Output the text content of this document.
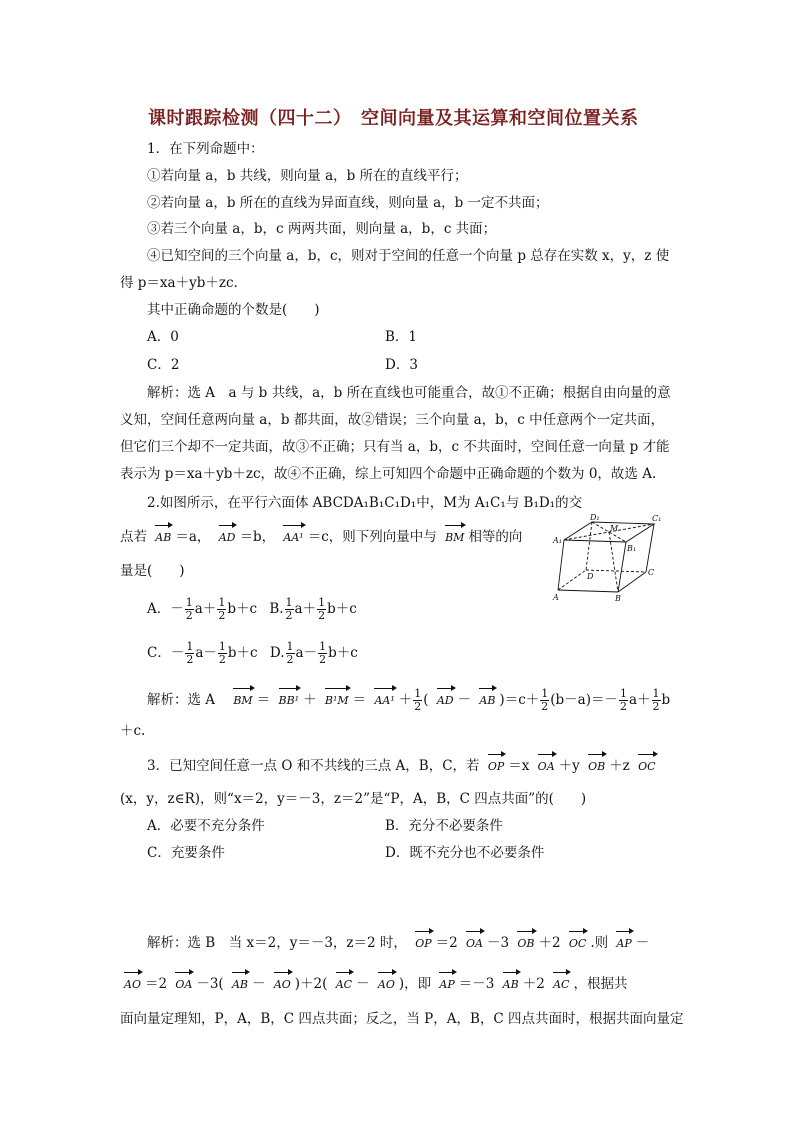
课时跟踪检测（四十二）　空间向量及其运算和空间位置关系
1．在下列命题中：
①若向量 a，b 共线，则向量 a，b 所在的直线平行；
②若向量 a，b 所在的直线为异面直线，则向量 a，b 一定不共面；
③若三个向量 a，b，c 两两共面，则向量 a，b，c 共面；
④已知空间的三个向量 a，b，c，则对于空间的任意一个向量 p 总存在实数 x，y，z 使
得 p＝xa＋yb＋zc.
其中正确命题的个数是(　　)
A．0	B．1
C．2	D．3
解析：选 A　a 与 b 共线，a，b 所在直线也可能重合，故①不正确；根据自由向量的意
义知，空间任意两向量 a，b 都共面，故②错误；三个向量 a，b，c 中任意两个一定共面，
但它们三个却不一定共面，故③不正确；只有当 a，b，c 不共面时，空间任意一向量 p 才能
表示为 p＝xa＋yb＋zc，故④不正确，综上可知四个命题中正确命题的个数为 0，故选 A.
2.如图所示，在平行六面体 ABCDA₁B₁C₁D₁中，M为 A₁C₁与 B₁D₁的交
点若 AB ＝a， AD ＝b， AA¹ ＝c，则下列向量中与 BM 相等的向
量是(　　)
A．－ $\frac{1}{2} a+ \frac{1}{2} b+c$ B. $\frac{1}{2} a+ \frac{1}{2} b+c$
C．－ $\frac{1}{2} a- \frac{1}{2} b+c$ D. $\frac{1}{2} a- \frac{1}{2} b+c$
解析：选 A BM ＝ $BB^1 + B^1M = AA^1 + \frac{1}{2}$ ( AD － AB )$=c+ \frac{1}{2} (b-a)=- \frac{1}{2} a+ \frac{1}{2}$ b
＋c.
D₁
M
C₁
A₁
B₁
D	C
A	B
3．已知空间任意一点 O 和不共线的三点 A，B，C，若 OP ＝x OA ＋y OB ＋z OC
(x，y，z∈R)，则“x＝2，y＝－3，z＝2”是“P，A，B，C 四点共面”的(　　)
A．必要不充分条件	B．充分不必要条件
C．充要条件	D．既不充分也不必要条件
解析：选 B　当 x＝2，y＝－3，z＝2 时， OP ＝2 OA －3 OB ＋2 OC .则 AP －
AO ＝2 OA －3( AB － AO )＋2( AC － AO )，即 AP ＝－3 AB ＋2 AC ，根据共
面向量定理知，P，A，B，C 四点共面；反之，当 P，A，B，C 四点共面时，根据共面向量定
